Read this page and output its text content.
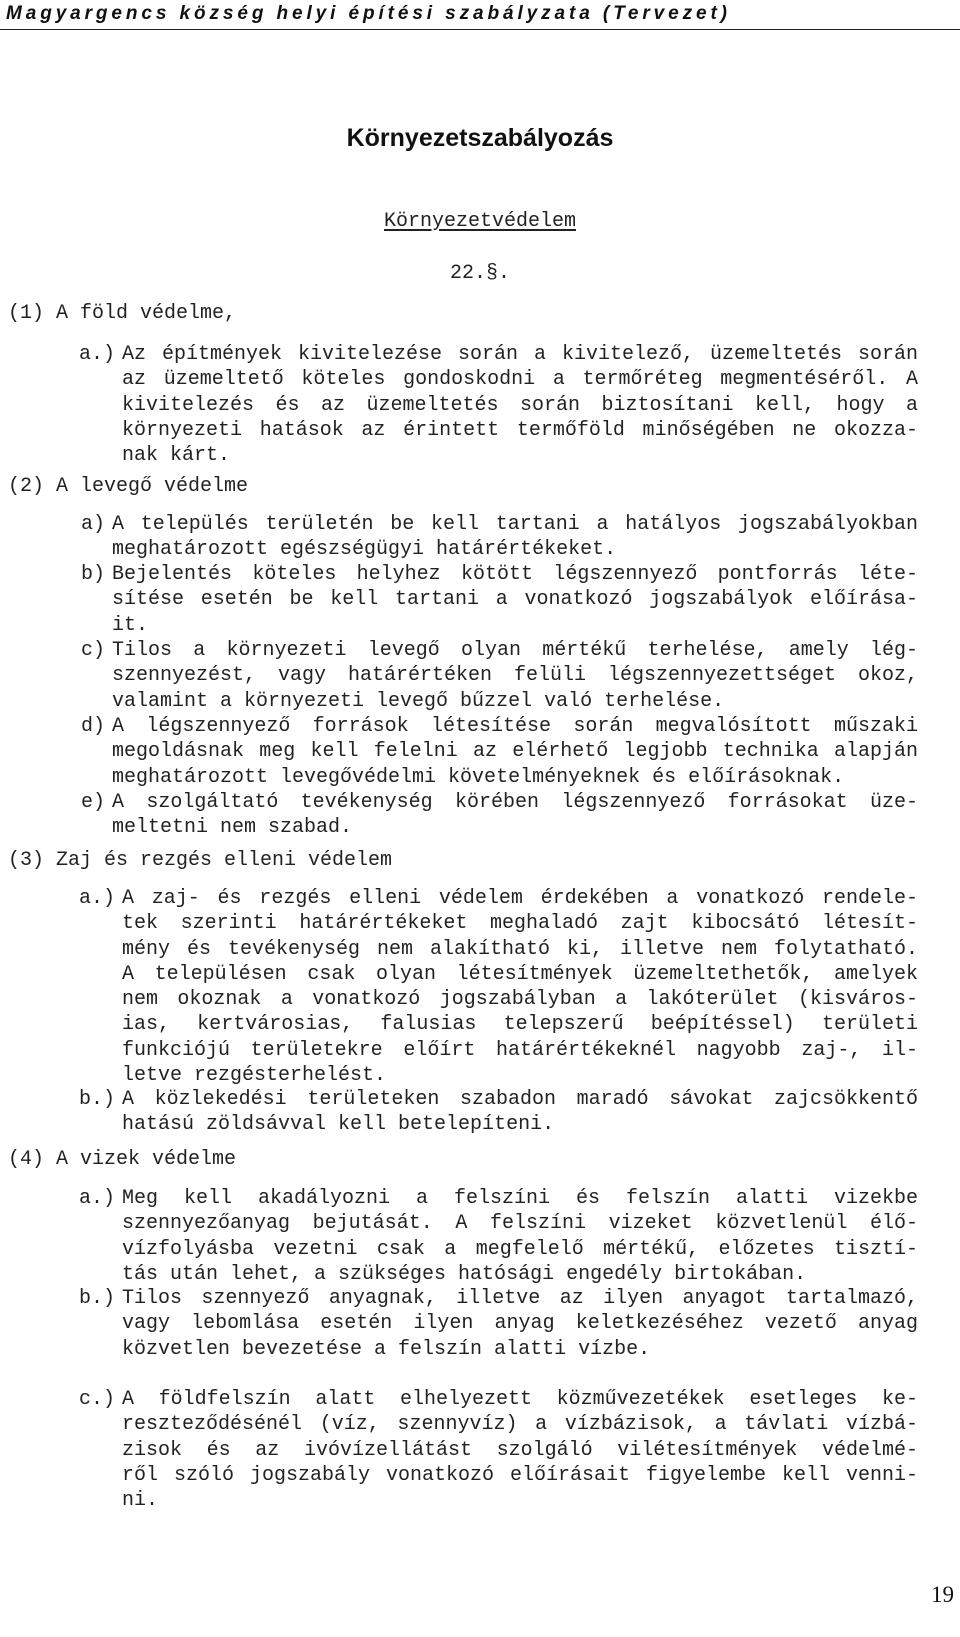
Magyargencs község helyi építési szabályzata (Tervezet)
Környezetszabályozás
Környezetvédelem
22.§.
(1) A föld védelme,
a.) Az építmények kivitelezése során a kivitelező, üzemeltetés során
az üzemeltető köteles gondoskodni a termőréteg megmentéséről. A
kivitelezés és az üzemeltetés során biztosítani kell, hogy a
környezeti hatások az érintett termőföld minőségében ne okozza-
nak kárt.
(2) A levegő védelme
a) A település területén be kell tartani a hatályos jogszabályokban
meghatározott egészségügyi határértékeket.
b) Bejelentés köteles helyhez kötött légszennyező pontforrás léte-
sítése esetén be kell tartani a vonatkozó jogszabályok előírása-
it.
c) Tilos a környezeti levegő olyan mértékű terhelése, amely lég-
szennyezést, vagy határértéken felüli légszennyezettséget okoz,
valamint a környezeti levegő bűzzel való terhelése.
d) A légszennyező források létesítése során megvalósított műszaki
megoldásnak meg kell felelni az elérhető legjobb technika alapján
meghatározott levegővédelmi követelményeknek és előírásoknak.
e) A szolgáltató tevékenység körében légszennyező forrásokat üze-
meltetni nem szabad.
(3) Zaj és rezgés elleni védelem
a.) A zaj- és rezgés elleni védelem érdekében a vonatkozó rendele-
tek szerinti határértékeket meghaladó zajt kibocsátó létesít-
mény és tevékenység nem alakítható ki, illetve nem folytatható.
A településen csak olyan létesítmények üzemeltethetők, amelyek
nem okoznak a vonatkozó jogszabályban a lakóterület (kisváros-
ias, kertvárosias, falusias telepszerű beépítéssel) területi
funkciójú területekre előírt határértékeknél nagyobb zaj-, il-
letve rezgésterhelést.
b.) A közlekedési területeken szabadon maradó sávokat zajcsökkentő
hatású zöldsávval kell betelepíteni.
(4) A vizek védelme
a.) Meg kell akadályozni a felszíni és felszín alatti vizekbe
szennyezőanyag bejutását. A felszíni vizeket közvetlenül élő-
vízfolyásba vezetni csak a megfelelő mértékű, előzetes tisztí-
tás után lehet, a szükséges hatósági engedély birtokában.
b.) Tilos szennyező anyagnak, illetve az ilyen anyagot tartalmazó,
vagy lebomlása esetén ilyen anyag keletkezéséhez vezető anyag
közvetlen bevezetése a felszín alatti vízbe.
c.) A földfelszín alatt elhelyezett közművezetékek esetleges ke-
reszteződésénél (víz, szennyvíz) a vízbázisok, a távlati vízbá-
zisok és az ivóvízellátást szolgáló vilétesítmények védelmé-
ről szóló jogszabály vonatkozó előírásait figyelembe kell venni-
ni.
19
